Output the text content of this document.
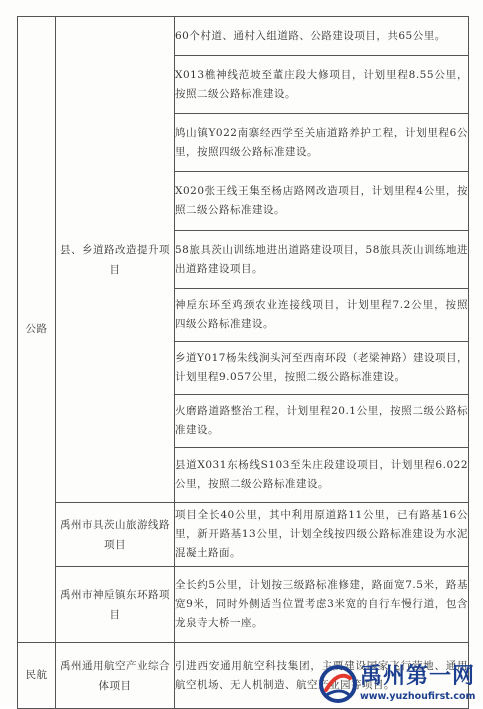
公路	县、乡道路改造提升项目	60个村道、通村入组道路、公路建设项目，共65公里。
		X013樵神线范坡至董庄段大修项目，计划里程8.55公里，按照二级公路标准建设。
		鸠山镇Y022南寨经西学至关庙道路养护工程，计划里程6公里，按照四级公路标准建设。
		X020张王线王集至杨店路网改造项目，计划里程4公里，按照二级公路标准建设。
		58旅具茨山训练地进出道路建设项目，58旅具茨山训练地进出道路建设项目。
		神垕东环至鸡颈农业连接线项目，计划里程7.2公里，按照四级公路标准建设。
		乡道Y017杨朱线涧头河至西南环段（老梁神路）建设项目，计划里程9.057公里，按照二级公路标准建设。
		火磨路道路整治工程，计划里程20.1公里，按照二级公路标准建设。
		县道X031东杨线S103至朱庄段建设项目，计划里程6.022公里，按照二级公路标准建设。
	禹州市具茨山旅游线路项目	项目全长40公里，其中利用原道路11公里，已有路基16公里，新开路基13公里，计划全线按四级公路标准建设为水泥混凝土路面。
	禹州市神垕镇东环路项目	全长约5公里，计划按三级路标准修建，路面宽7.5米，路基宽9米，同时外侧适当位置考虑3米宽的自行车慢行道，包含龙泉寺大桥一座。
民航	禹州通用航空产业综合体项目	引进西安通用航空科技集团，主要建设国家飞行营地、通用航空机场、无人机制造、航空产业园等项目。
禹州第一网
www.yuzhoufirst.com
